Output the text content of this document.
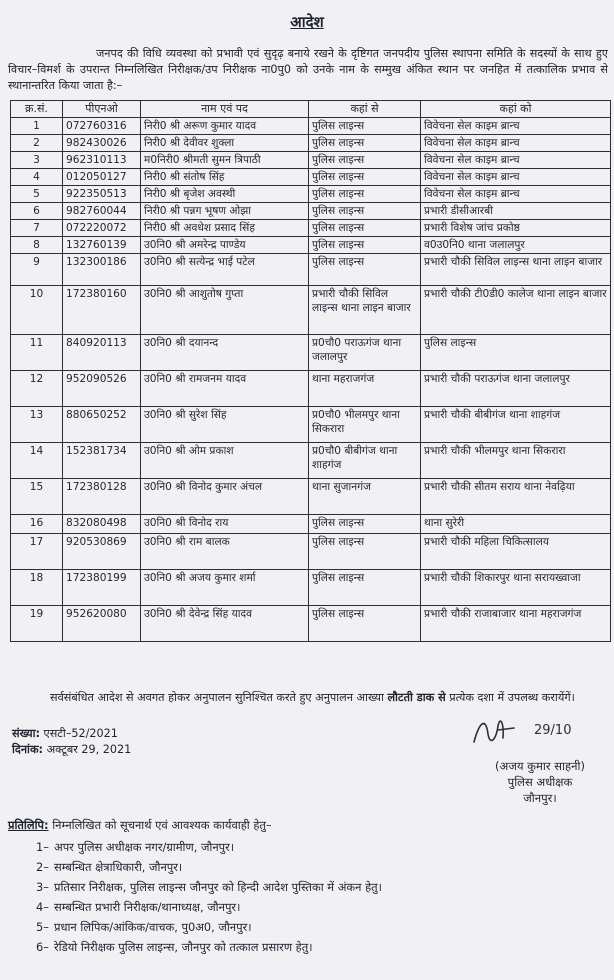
आदेश
जनपद की विधि व्यवस्था को प्रभावी एवं सुदृढ़ बनाये रखने के दृष्टिगत जनपदीय पुलिस स्थापना समिति के सदस्यों के साथ हुए विचार–विमर्श के उपरान्त निम्नलिखित निरीक्षक/उप निरीक्षक ना0पु0 को उनके नाम के सम्मुख अंकित स्थान पर जनहित में तत्कालिक प्रभाव से स्थानान्तरित किया जाता है:–
क्र.सं.	पीएनओ	नाम एवं पद	कहां से	कहां को
1	072760316	निरी0 श्री अरूण कुमार यादव	पुलिस लाइन्स	विवेचना सेल काइम ब्रान्च
2	982430026	निरी0 श्री देवीवर शुक्ला	पुलिस लाइन्स	विवेचना सेल काइम ब्रान्च
3	962310113	म0निरी0 श्रीमती सुमन त्रिपाठी	पुलिस लाइन्स	विवेचना सेल काइम ब्रान्च
4	012050127	निरी0 श्री संतोष सिंह	पुलिस लाइन्स	विवेचना सेल काइम ब्रान्च
5	922350513	निरी0 श्री बृजेश अवस्थी	पुलिस लाइन्स	विवेचना सेल काइम ब्रान्च
6	982760044	निरी0 श्री पन्नग भूषण ओझा	पुलिस लाइन्स	प्रभारी डीसीआरबी
7	072220072	निरी0 श्री अवधेश प्रसाद सिंह	पुलिस लाइन्स	प्रभारी विशेष जांच प्रकोष्ठ
8	132760139	उ0नि0 श्री अमरेन्द्र पाण्डेय	पुलिस लाइन्स	व0उ0नि0 थाना जलालपुर
9	132300186	उ0नि0 श्री सत्येन्द्र भाई पटेल	पुलिस लाइन्स	प्रभारी चौकी सिविल लाइन्स थाना लाइन बाजार
10	172380160	उ0नि0 श्री आशुतोष गुप्ता	प्रभारी चौकी सिविल लाइन्स थाना लाइन बाजार	प्रभारी चौकी टी0डी0 कालेज थाना लाइन बाजार
11	840920113	उ0नि0 श्री दयानन्द	प्र0चौ0 पराऊगंज थाना जलालपुर	पुलिस लाइन्स
12	952090526	उ0नि0 श्री रामजनम यादव	थाना महराजगंज	प्रभारी चौकी पराऊगंज थाना जलालपुर
13	880650252	उ0नि0 श्री सुरेश सिंह	प्र0चौ0 भीलमपुर थाना सिकरारा	प्रभारी चौकी बीबीगंज थाना शाहगंज
14	152381734	उ0नि0 श्री ओम प्रकाश	प्र0चौ0 बीबीगंज थाना शाहगंज	प्रभारी चौकी भीलमपुर थाना सिकरारा
15	172380128	उ0नि0 श्री विनोद कुमार अंचल	थाना सुजानगंज	प्रभारी चौकी सीतम सराय थाना नेवढ़िया
16	832080498	उ0नि0 श्री विनोद राय	पुलिस लाइन्स	थाना सुरेरी
17	920530869	उ0नि0 श्री राम बालक	पुलिस लाइन्स	प्रभारी चौकी महिला चिकित्सालय
18	172380199	उ0नि0 श्री अजय कुमार शर्मा	पुलिस लाइन्स	प्रभारी चौकी शिकारपुर थाना सरायख्वाजा
19	952620080	उ0नि0 श्री देवेन्द्र सिंह यादव	पुलिस लाइन्स	प्रभारी चौकी राजाबाजार थाना महराजगंज
सर्वसंबंधित आदेश से अवगत होकर अनुपालन सुनिश्चित करते हुए अनुपालन आख्या लौटती डाक से प्रत्येक दशा में उपलब्ध करायेंगें।
संख्या: एसटी–52/2021
दिनांक: अक्टूबर 29, 2021
29/10
(अजय कुमार साहनी)
पुलिस अधीक्षक
जौनपुर।
प्रतिलिपि: निम्नलिखित को सूचनार्थ एवं आवश्यक कार्यवाही हेतु–
1– अपर पुलिस अधीक्षक नगर/ग्रामीण, जौनपुर।
2– सम्बन्धित क्षेत्राधिकारी, जौनपुर।
3– प्रतिसार निरीक्षक, पुलिस लाइन्स जौनपुर को हिन्दी आदेश पुस्तिका में अंकन हेतु।
4– सम्बन्धित प्रभारी निरीक्षक/थानाध्यक्ष, जौनपुर।
5– प्रधान लिपिक/आंकिक/वाचक, पु0अ0, जौनपुर।
6– रेडियो निरीक्षक पुलिस लाइन्स, जौनपुर को तत्काल प्रसारण हेतु।
